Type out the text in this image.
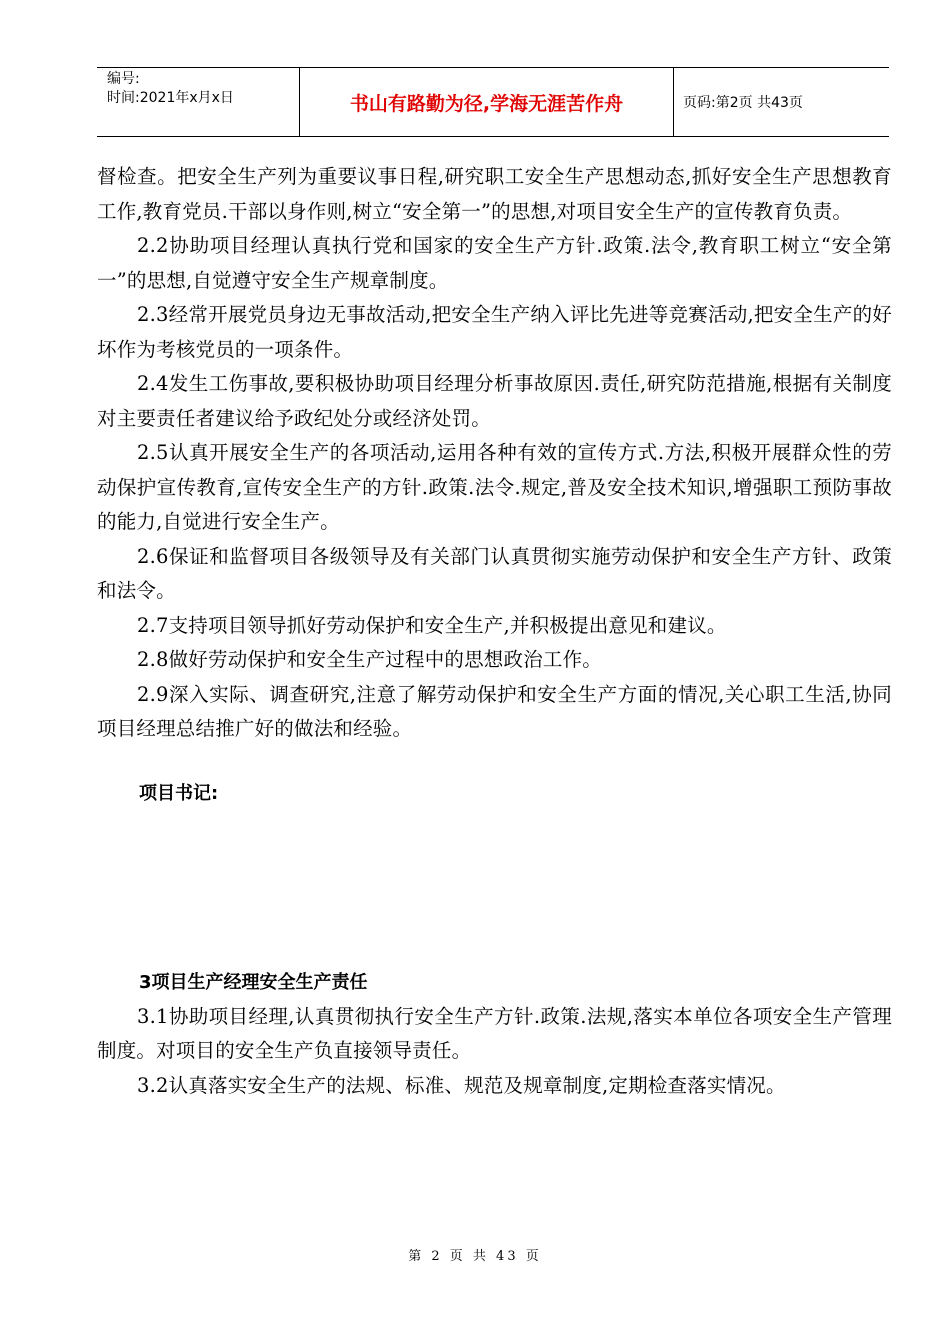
编号:
时间:2021年x月x日	书山有路勤为径,学海无涯苦作舟	页码:第2页 共43页

督检查。把安全生产列为重要议事日程,研究职工安全生产思想动态,抓好安全生产思想教育工作,教育党员.干部以身作则,树立“安全第一”的思想,对项目安全生产的宣传教育负责。

2.2协助项目经理认真执行党和国家的安全生产方针.政策.法令,教育职工树立“安全第一”的思想,自觉遵守安全生产规章制度。

2.3经常开展党员身边无事故活动,把安全生产纳入评比先进等竞赛活动,把安全生产的好坏作为考核党员的一项条件。

2.4发生工伤事故,要积极协助项目经理分析事故原因.责任,研究防范措施,根据有关制度对主要责任者建议给予政纪处分或经济处罚。

2.5认真开展安全生产的各项活动,运用各种有效的宣传方式.方法,积极开展群众性的劳动保护宣传教育,宣传安全生产的方针.政策.法令.规定,普及安全技术知识,增强职工预防事故的能力,自觉进行安全生产。

2.6保证和监督项目各级领导及有关部门认真贯彻实施劳动保护和安全生产方针、政策和法令。

2.7支持项目领导抓好劳动保护和安全生产,并积极提出意见和建议。

2.8做好劳动保护和安全生产过程中的思想政治工作。

2.9深入实际、调查研究,注意了解劳动保护和安全生产方面的情况,关心职工生活,协同项目经理总结推广好的做法和经验。

项目书记:
3项目生产经理安全生产责任

3.1协助项目经理,认真贯彻执行安全生产方针.政策.法规,落实本单位各项安全生产管理制度。对项目的安全生产负直接领导责任。

3.2认真落实安全生产的法规、标准、规范及规章制度,定期检查落实情况。

第 2 页 共 43 页
